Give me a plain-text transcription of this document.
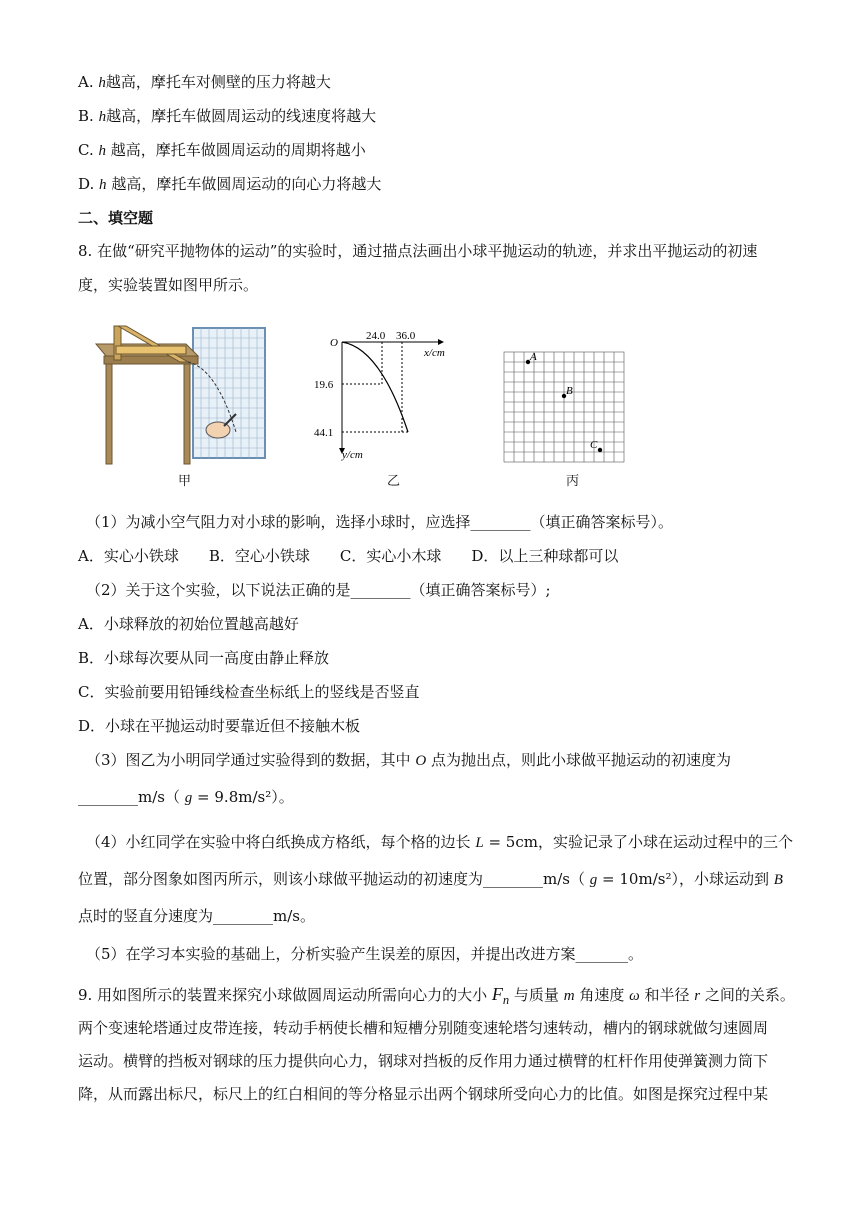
A. h越高，摩托车对侧壁的压力将越大
B. h越高，摩托车做圆周运动的线速度将越大
C. h 越高，摩托车做圆周运动的周期将越小
D. h 越高，摩托车做圆周运动的向心力将越大
二、填空题
8. 在做“研究平抛物体的运动”的实验时，通过描点法画出小球平抛运动的轨迹，并求出平抛运动的初速
度，实验装置如图甲所示。
甲
O
24.0 36.0
x/cm
19.6
44.1
y/cm
乙
A
B
C
丙
（1）为减小空气阻力对小球的影响，选择小球时，应选择________（填正确答案标号）。
A．实心小铁球　　B．空心小铁球　　C．实心小木球　　D．以上三种球都可以
（2）关于这个实验，以下说法正确的是________（填正确答案标号）;
A．小球释放的初始位置越高越好
B．小球每次要从同一高度由静止释放
C．实验前要用铅锤线检查坐标纸上的竖线是否竖直
D．小球在平抛运动时要靠近但不接触木板
（3）图乙为小明同学通过实验得到的数据，其中 O 点为抛出点，则此小球做平抛运动的初速度为
________m/s（ g = 9.8m/s²）。
（4）小红同学在实验中将白纸换成方格纸，每个格的边长 L = 5cm，实验记录了小球在运动过程中的三个
位置，部分图象如图丙所示，则该小球做平抛运动的初速度为________m/s（ g = 10m/s²），小球运动到 B
点时的竖直分速度为________m/s。
（5）在学习本实验的基础上，分析实验产生误差的原因，并提出改进方案_______。
9. 用如图所示的装置来探究小球做圆周运动所需向心力的大小 $F_n$ 与质量 m 角速度 ω 和半径 r 之间的关系。
两个变速轮塔通过皮带连接，转动手柄使长槽和短槽分别随变速轮塔匀速转动，槽内的钢球就做匀速圆周运动。横臂的挡板对钢球的压力提供向心力，钢球对挡板的反作用力通过横臂的杠杆作用使弹簧测力筒下降，从而露出标尺，标尺上的红白相间的等分格显示出两个钢球所受向心力的比值。如图是探究过程中某
